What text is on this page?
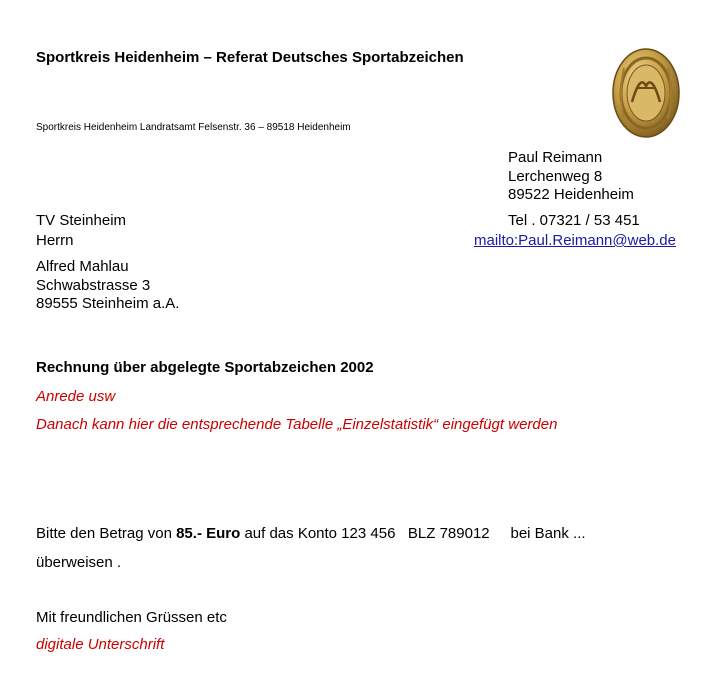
Sportkreis Heidenheim – Referat Deutsches Sportabzeichen
Sportkreis Heidenheim Landratsamt Felsenstr. 36 – 89518 Heidenheim
Paul Reimann
Lerchenweg 8
89522 Heidenheim
TV Steinheim	Tel . 07321 / 53 451
Herrn	mailto:Paul.Reimann@web.de
Alfred Mahlau
Schwabstrasse 3
89555 Steinheim a.A.
Rechnung über abgelegte Sportabzeichen 2002
Anrede usw
Danach kann hier die entsprechende Tabelle „Einzelstatistik“ eingefügt werden
Bitte den Betrag von 85.- Euro auf das Konto 123 456   BLZ 789012     bei Bank ...
überweisen .
Mit freundlichen Grüssen etc
digitale Unterschrift
